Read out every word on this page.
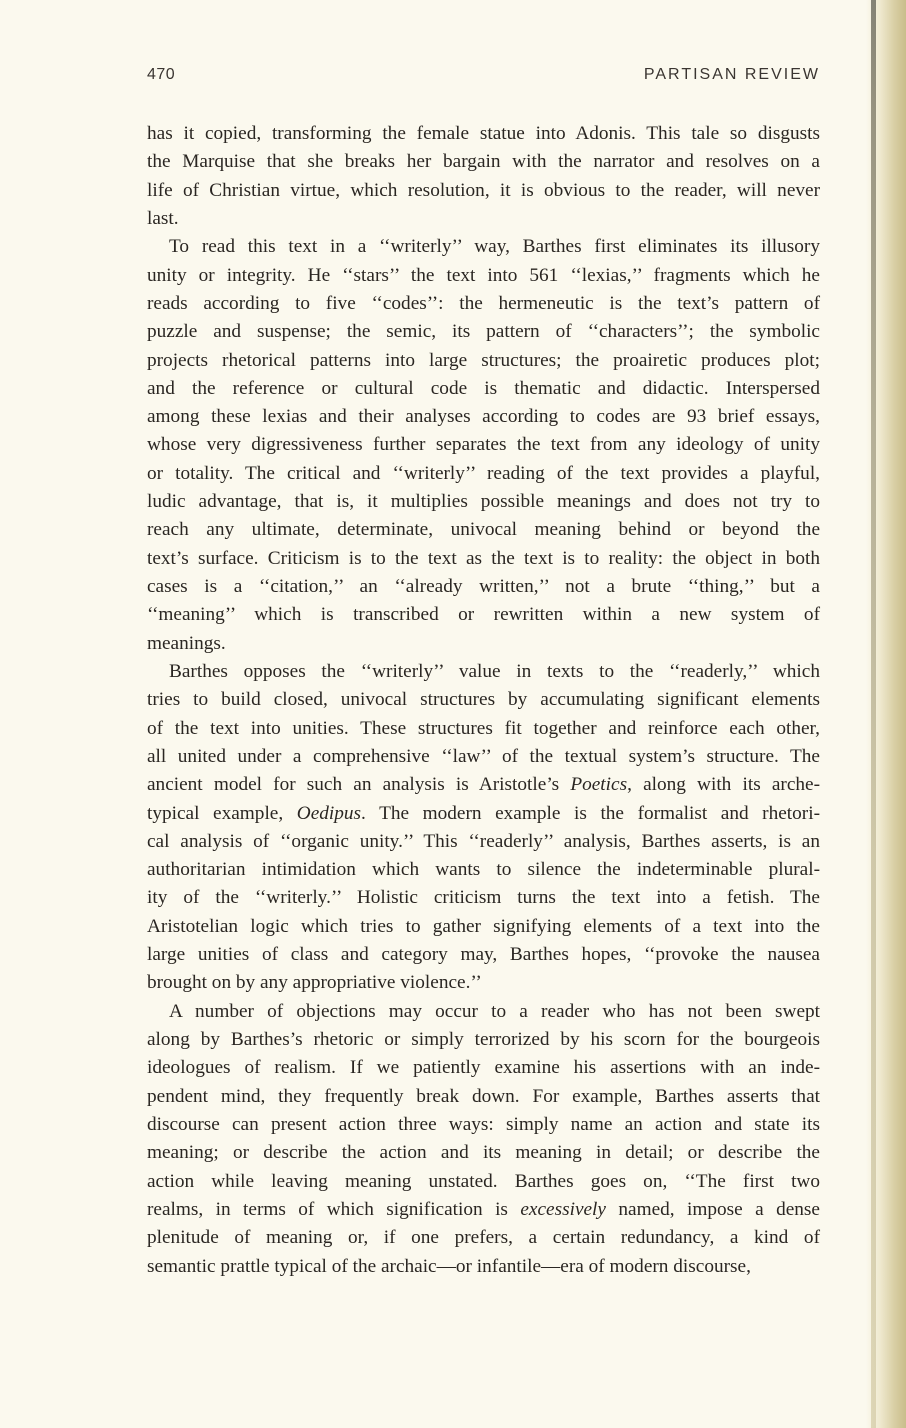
470	PARTISAN REVIEW
has it copied, transforming the female statue into Adonis. This tale so disgusts
the Marquise that she breaks her bargain with the narrator and resolves on a
life of Christian virtue, which resolution, it is obvious to the reader, will never
last.
To read this text in a ‘‘writerly’’ way, Barthes first eliminates its illusory
unity or integrity. He ‘‘stars’’ the text into 561 ‘‘lexias,’’ fragments which he
reads according to five ‘‘codes’’: the hermeneutic is the text’s pattern of
puzzle and suspense; the semic, its pattern of ‘‘characters’’; the symbolic
projects rhetorical patterns into large structures; the proairetic produces plot;
and the reference or cultural code is thematic and didactic. Interspersed
among these lexias and their analyses according to codes are 93 brief essays,
whose very digressiveness further separates the text from any ideology of unity
or totality. The critical and ‘‘writerly’’ reading of the text provides a playful,
ludic advantage, that is, it multiplies possible meanings and does not try to
reach any ultimate, determinate, univocal meaning behind or beyond the
text’s surface. Criticism is to the text as the text is to reality: the object in both
cases is a ‘‘citation,’’ an ‘‘already written,’’ not a brute ‘‘thing,’’ but a
‘‘meaning’’ which is transcribed or rewritten within a new system of
meanings.
Barthes opposes the ‘‘writerly’’ value in texts to the ‘‘readerly,’’ which
tries to build closed, univocal structures by accumulating significant elements
of the text into unities. These structures fit together and reinforce each other,
all united under a comprehensive ‘‘law’’ of the textual system’s structure. The
ancient model for such an analysis is Aristotle’s Poetics, along with its arche-
typical example, Oedipus. The modern example is the formalist and rhetori-
cal analysis of ‘‘organic unity.’’ This ‘‘readerly’’ analysis, Barthes asserts, is an
authoritarian intimidation which wants to silence the indeterminable plural-
ity of the ‘‘writerly.’’ Holistic criticism turns the text into a fetish. The
Aristotelian logic which tries to gather signifying elements of a text into the
large unities of class and category may, Barthes hopes, ‘‘provoke the nausea
brought on by any appropriative violence.’’
A number of objections may occur to a reader who has not been swept
along by Barthes’s rhetoric or simply terrorized by his scorn for the bourgeois
ideologues of realism. If we patiently examine his assertions with an inde-
pendent mind, they frequently break down. For example, Barthes asserts that
discourse can present action three ways: simply name an action and state its
meaning; or describe the action and its meaning in detail; or describe the
action while leaving meaning unstated. Barthes goes on, ‘‘The first two
realms, in terms of which signification is excessively named, impose a dense
plenitude of meaning or, if one prefers, a certain redundancy, a kind of
semantic prattle typical of the archaic—or infantile—era of modern discourse,
